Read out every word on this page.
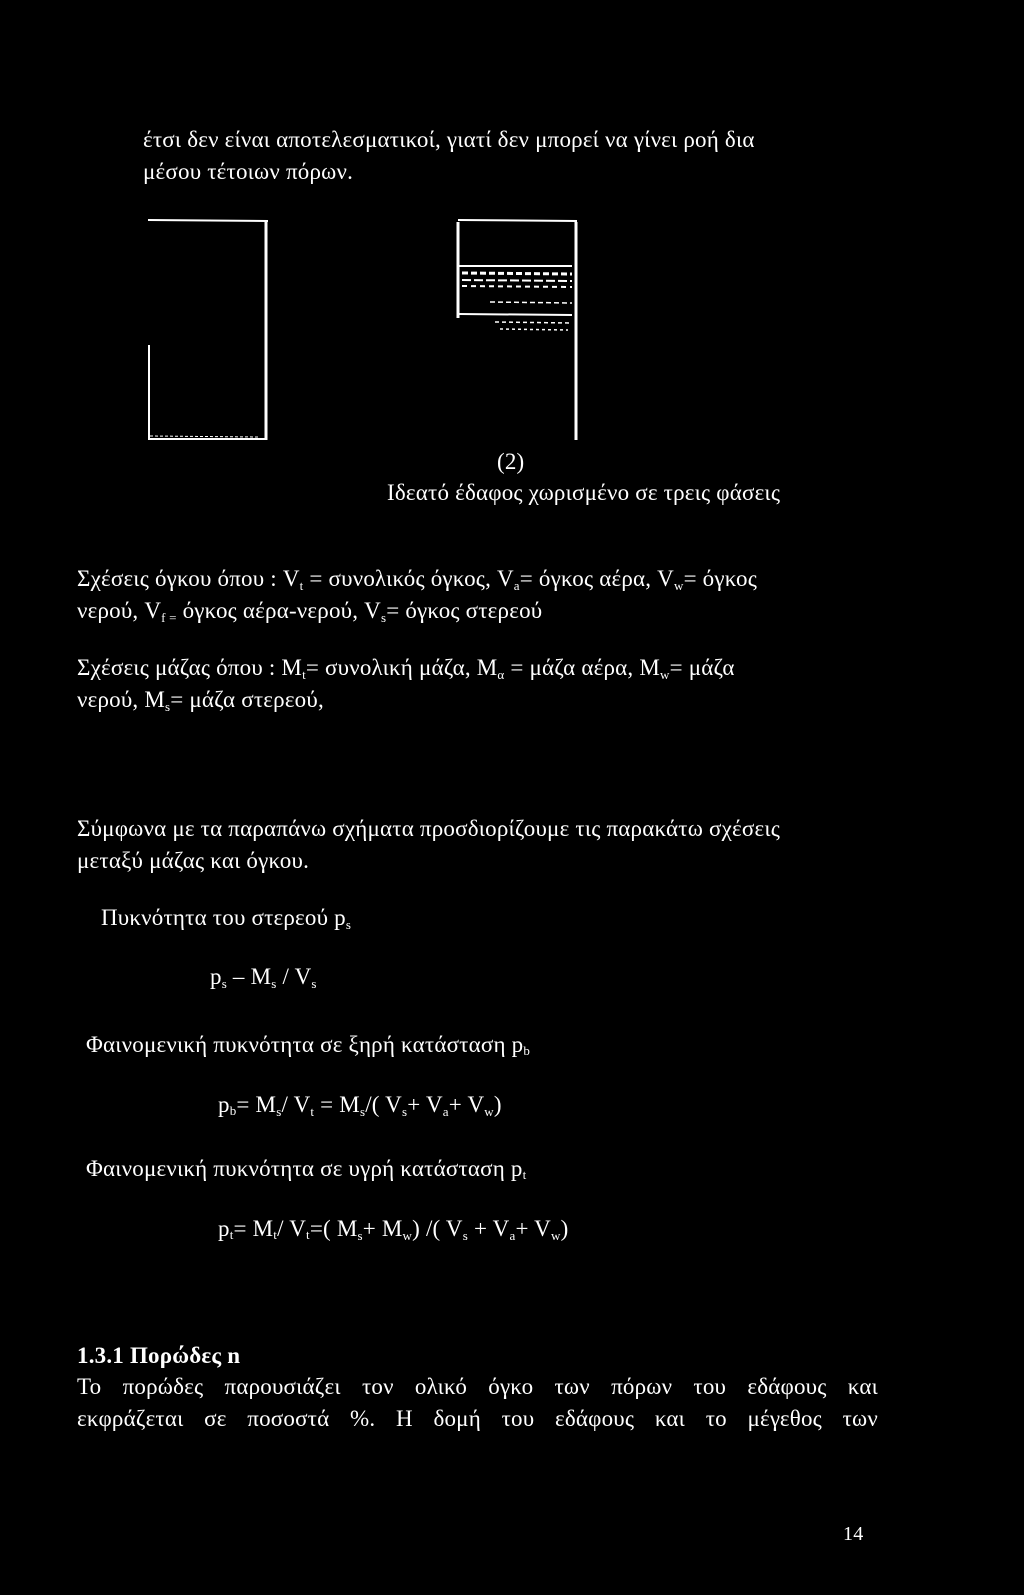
έτσι δεν είναι αποτελεσματικοί, γιατί δεν μπορεί να γίνει ροή δια
μέσου τέτοιων πόρων.
(2)
Ιδεατό έδαφος χωρισμένο σε τρεις φάσεις
Σχέσεις όγκου όπου : $V_t = \sigma\upsilon\nu o\lambda\iota\kappa ό\varsigma$ όγκος, $V_a= ό\gamma\kappa o\varsigma$ αέρα, $V_w= ό\gamma\kappa o\varsigma$
νερού, $V_{f =}$ όγκος αέρα-νερού, $V_s= ό\gamma\kappa o\varsigma$ στερεού
Σχέσεις μάζας όπου : $M_t= \sigma\upsilon\nu o\lambda\iota\kappa ή$ μάζα, $M_\alpha = \mu ά\zeta\alpha$ αέρα, $M_w= \mu ά\zeta\alpha$
νερού, $M_s= \mu ά\zeta\alpha$ στερεού,
Σύμφωνα με τα παραπάνω σχήματα προσδιορίζουμε τις παρακάτω σχέσεις
μεταξύ μάζας και όγκου.
Πυκνότητα του στερεού $p_s$
$p_s - M_s / V_s$
Φαινομενική πυκνότητα σε ξηρή κατάσταση pb
$pb= M_s/$ $V_t = M_s/$( $V_s+ V_a+ V_w$)
Φαινομενική πυκνότητα σε υγρή κατάσταση pt
pt= Mt/ Vt=( $M_s+ M_w$) /( $V_s + V_a+ V_w$)
1.3.1 Πορώδες n
Το πορώδες παρουσιάζει τον ολικό όγκο των πόρων του εδάφους και
εκφράζεται σε ποσοστά %. Η δομή του εδάφους και το μέγεθος των
14
